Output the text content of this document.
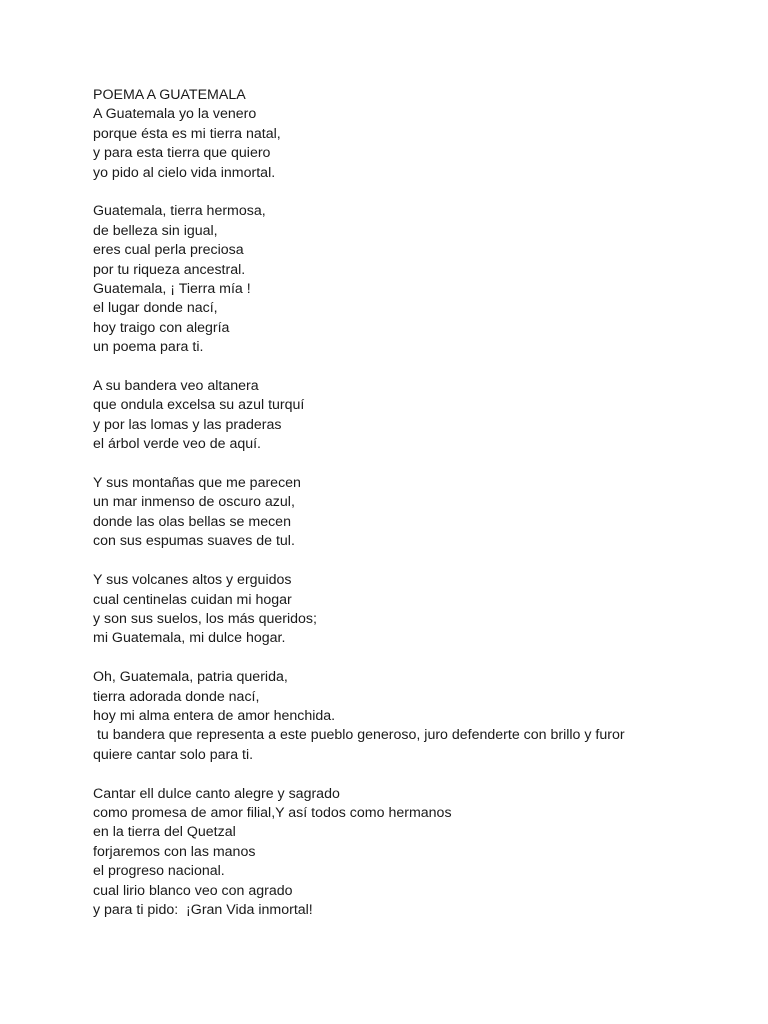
POEMA A GUATEMALA

A Guatemala yo la venero
porque ésta es mi tierra natal,
y para esta tierra que quiero
yo pido al cielo vida inmortal.

Guatemala, tierra hermosa,
de belleza sin igual,
eres cual perla preciosa
por tu riqueza ancestral.
Guatemala, ¡ Tierra mía !
el lugar donde nací,
hoy traigo con alegría
un poema para ti.

A su bandera veo altanera
que ondula excelsa su azul turquí
y por las lomas y las praderas
el árbol verde veo de aquí.

Y sus montañas que me parecen
un mar inmenso de oscuro azul,
donde las olas bellas se mecen
con sus espumas suaves de tul.

Y sus volcanes altos y erguidos
cual centinelas cuidan mi hogar
y son sus suelos, los más queridos;
mi Guatemala, mi dulce hogar.

Oh, Guatemala, patria querida,
tierra adorada donde nací,
hoy mi alma entera de amor henchida.
tu bandera que representa a este pueblo generoso, juro defenderte con brillo y furor
quiere cantar solo para ti.

Cantar ell dulce canto alegre y sagrado
como promesa de amor filial,Y así todos como hermanos
en la tierra del Quetzal
forjaremos con las manos
el progreso nacional.
cual lirio blanco veo con agrado
y para ti pido:  ¡Gran Vida inmortal!
